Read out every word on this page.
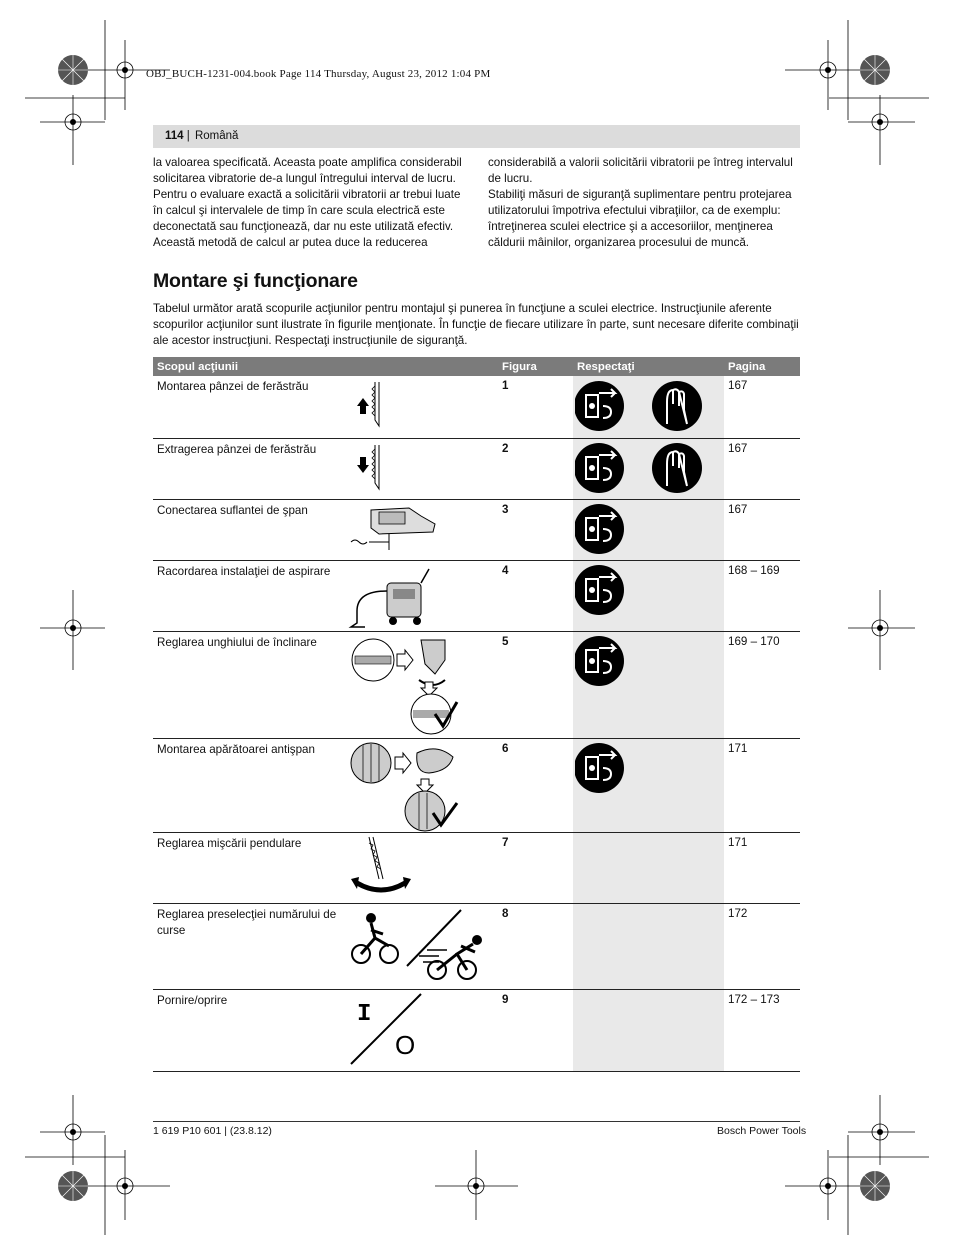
OBJ_BUCH-1231-004.book Page 114 Thursday, August 23, 2012 1:04 PM
114 | Română
la valoarea specificată. Aceasta poate amplifica considerabil
solicitarea vibratorie de-a lungul întregului interval de lucru.
Pentru o evaluare exactă a solicitării vibratorii ar trebui luate
în calcul şi intervalele de timp în care scula electrică este
deconectată sau funcţionează, dar nu este utilizată efectiv.
Această metodă de calcul ar putea duce la reducerea
considerabilă a valorii solicitării vibratorii pe întreg intervalul
de lucru.
Stabiliţi măsuri de siguranţă suplimentare pentru protejarea
utilizatorului împotriva efectului vibraţiilor, ca de exemplu:
întreţinerea sculei electrice şi a accesoriilor, menţinerea
căldurii mâinilor, organizarea procesului de muncă.
Montare şi funcţionare
Tabelul următor arată scopurile acţiunilor pentru montajul şi punerea în funcţiune a sculei electrice. Instrucţiunile aferente
scopurilor acţiunilor sunt ilustrate în figurile menţionate. În funcţie de fiecare utilizare în parte, sunt necesare diferite combinaţii
ale acestor instrucţiuni. Respectaţi instrucţiunile de siguranţă.
Scopul acţiunii	Figura	Respectaţi	Pagina

Montarea pânzei de ferăstrău	1		167

Extragerea pânzei de ferăstrău	2		167

Conectarea suflantei de şpan	3		167

Racordarea instalaţiei de aspirare	4		168 – 169

Reglarea unghiului de înclinare	5		169 – 170

Montarea apărătoarei antişpan	6		171

Reglarea mişcării pendulare	7		171

Reglarea preselecţiei numărului de
curse	8		172

Pornire/oprire
I
O	9		172 – 173
1 619 P10 601 | (23.8.12)	Bosch Power Tools
